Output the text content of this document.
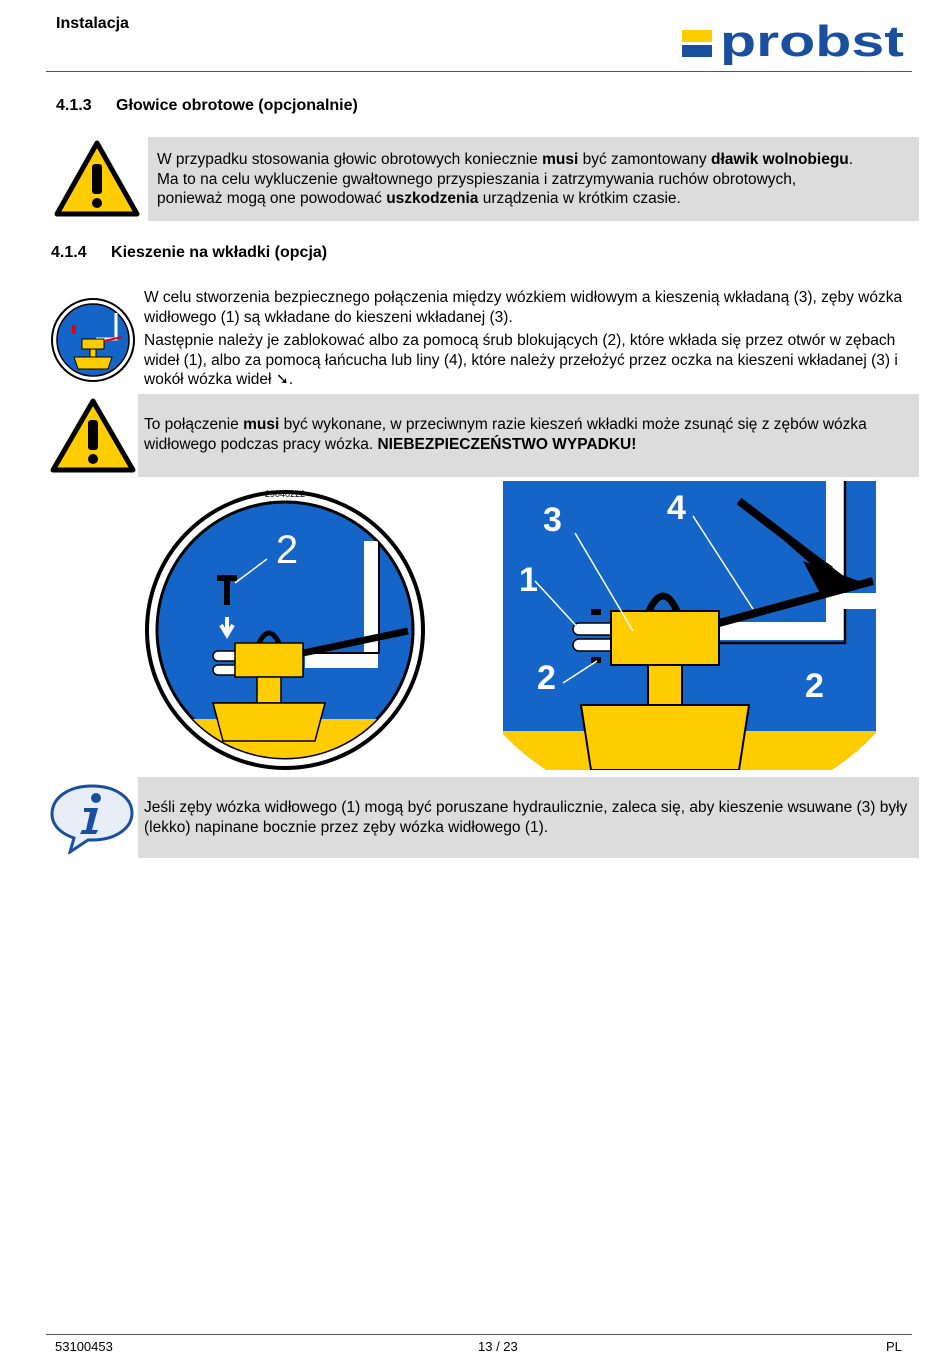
Instalacja	probst
4.1.3 Głowice obrotowe (opcjonalnie)
W przypadku stosowania głowic obrotowych koniecznie musi być zamontowany dławik wolnobiegu.
Ma to na celu wykluczenie gwałtownego przyspieszania i zatrzymywania ruchów obrotowych,
ponieważ mogą one powodować uszkodzenia urządzenia w krótkim czasie.
4.1.4 Kieszenie na wkładki (opcja)
W celu stworzenia bezpiecznego połączenia między wózkiem widłowym a kieszenią wkładaną (3), zęby wózka widłowego (1) są wkładane do kieszeni wkładanej (3).
Następnie należy je zablokować albo za pomocą śrub blokujących (2), które wkłada się przez otwór w zębach wideł (1), albo za pomocą łańcucha lub liny (4), które należy przełożyć przez oczka na kieszeni wkładanej (3) i wokół wózka wideł ➘.
To połączenie musi być wykonane, w przeciwnym razie kieszeń wkładki może zsunąć się z zębów wózka widłowego podczas pracy wózka. NIEBEZPIECZEŃSTWO WYPADKU!
29040222
2
1
3	4
2	2
Jeśli zęby wózka widłowego (1) mogą być poruszane hydraulicznie, zaleca się, aby kieszenie wsuwane (3) były (lekko) napinane bocznie przez zęby wózka widłowego (1).
53100453	13 / 23	PL
